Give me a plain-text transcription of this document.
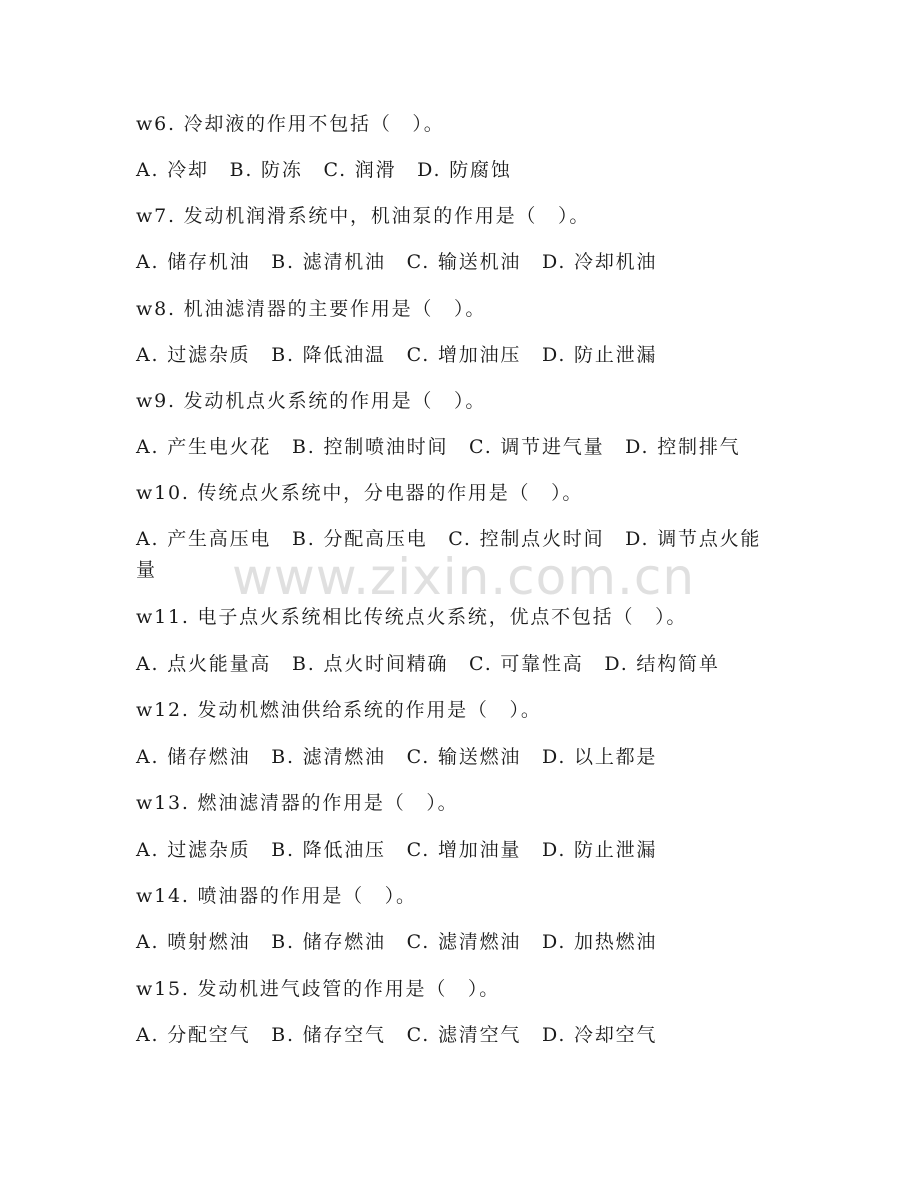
w6. 冷却液的作用不包括（　）。
A. 冷却　B. 防冻　C. 润滑　D. 防腐蚀
w7. 发动机润滑系统中，机油泵的作用是（　）。
A. 储存机油　B. 滤清机油　C. 输送机油　D. 冷却机油
w8. 机油滤清器的主要作用是（　）。
A. 过滤杂质　B. 降低油温　C. 增加油压　D. 防止泄漏
w9. 发动机点火系统的作用是（　）。
A. 产生电火花　B. 控制喷油时间　C. 调节进气量　D. 控制排气
w10. 传统点火系统中，分电器的作用是（　）。
A. 产生高压电　B. 分配高压电　C. 控制点火时间　D. 调节点火能量
w11. 电子点火系统相比传统点火系统，优点不包括（　）。
A. 点火能量高　B. 点火时间精确　C. 可靠性高　D. 结构简单
w12. 发动机燃油供给系统的作用是（　）。
A. 储存燃油　B. 滤清燃油　C. 输送燃油　D. 以上都是
w13. 燃油滤清器的作用是（　）。
A. 过滤杂质　B. 降低油压　C. 增加油量　D. 防止泄漏
w14. 喷油器的作用是（　）。
A. 喷射燃油　B. 储存燃油　C. 滤清燃油　D. 加热燃油
w15. 发动机进气歧管的作用是（　）。
A. 分配空气　B. 储存空气　C. 滤清空气　D. 冷却空气
www.zixin.com.cn
